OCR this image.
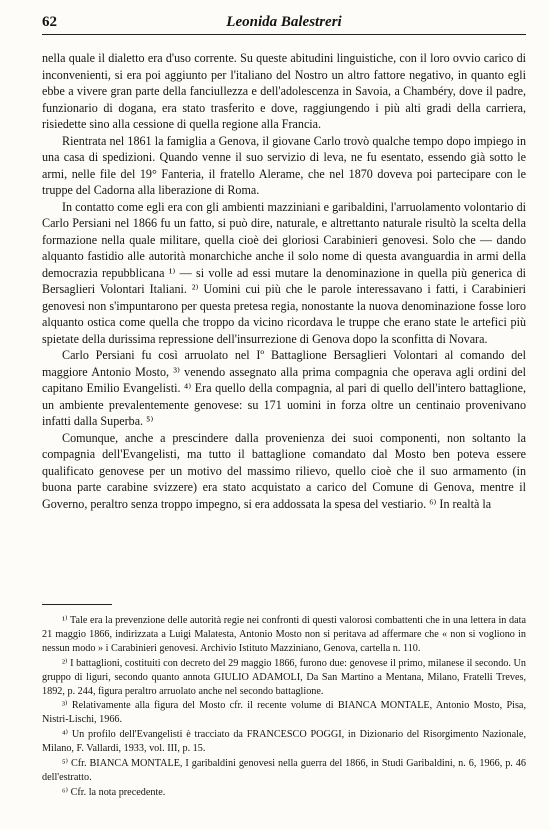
62	Leonida Balestreri

nella quale il dialetto era d'uso corrente. Su queste abitudini linguistiche, con il loro ovvio carico di inconvenienti, si era poi aggiunto per l'italiano del Nostro un altro fattore negativo, in quanto egli ebbe a vivere gran parte della fanciullezza e dell'adolescenza in Savoia, a Chambéry, dove il padre, funzionario di dogana, era stato trasferito e dove, raggiungendo i più alti gradi della carriera, risiedette sino alla cessione di quella regione alla Francia.

Rientrata nel 1861 la famiglia a Genova, il giovane Carlo trovò qualche tempo dopo impiego in una casa di spedizioni. Quando venne il suo servizio di leva, ne fu esentato, essendo già sotto le armi, nelle file del 19° Fanteria, il fratello Alerame, che nel 1870 doveva poi partecipare con le truppe del Cadorna alla liberazione di Roma.

In contatto come egli era con gli ambienti mazziniani e garibaldini, l'arruolamento volontario di Carlo Persiani nel 1866 fu un fatto, si può dire, naturale, e altrettanto naturale risultò la scelta della formazione nella quale militare, quella cioè dei gloriosi Carabinieri genovesi. Solo che — dando alquanto fastidio alle autorità monarchiche anche il solo nome di questa avanguardia in armi della democrazia repubblicana ¹⁾ — si volle ad essi mutare la denominazione in quella più generica di Bersaglieri Volontari Italiani. ²⁾ Uomini cui più che le parole interessavano i fatti, i Carabinieri genovesi non s'impuntarono per questa pretesa regia, nonostante la nuova denominazione fosse loro alquanto ostica come quella che troppo da vicino ricordava le truppe che erano state le artefici più spietate della durissima repressione dell'insurrezione di Genova dopo la sconfitta di Novara.

Carlo Persiani fu così arruolato nel Iº Battaglione Bersaglieri Volontari al comando del maggiore Antonio Mosto, ³⁾ venendo assegnato alla prima compagnia che operava agli ordini del capitano Emilio Evangelisti. ⁴⁾ Era quello della compagnia, al pari di quello dell'intero battaglione, un ambiente prevalentemente genovese: su 171 uomini in forza oltre un centinaio provenivano infatti dalla Superba. ⁵⁾

Comunque, anche a prescindere dalla provenienza dei suoi componenti, non soltanto la compagnia dell'Evangelisti, ma tutto il battaglione comandato dal Mosto ben poteva essere qualificato genovese per un motivo del massimo rilievo, quello cioè che il suo armamento (in buona parte carabine svizzere) era stato acquistato a carico del Comune di Genova, mentre il Governo, peraltro senza troppo impegno, si era addossata la spesa del vestiario. ⁶⁾ In realtà la

¹⁾ Tale era la prevenzione delle autorità regie nei confronti di questi valorosi combattenti che in una lettera in data 21 maggio 1866, indirizzata a Luigi Malatesta, Antonio Mosto non si peritava ad affermare che « non si vogliono in nessun modo » i Carabinieri genovesi. Archivio Istituto Mazziniano, Genova, cartella n. 110.

²⁾ I battaglioni, costituiti con decreto del 29 maggio 1866, furono due: genovese il primo, milanese il secondo. Un gruppo di liguri, secondo quanto annota GIULIO ADAMOLI, Da San Martino a Mentana, Milano, Fratelli Treves, 1892, p. 244, figura peraltro arruolato anche nel secondo battaglione.

³⁾ Relativamente alla figura del Mosto cfr. il recente volume di BIANCA MONTALE, Antonio Mosto, Pisa, Nistri-Lischi, 1966.

⁴⁾ Un profilo dell'Evangelisti è tracciato da FRANCESCO POGGI, in Dizionario del Risorgimento Nazionale, Milano, F. Vallardi, 1933, vol. III, p. 15.

⁵⁾ Cfr. BIANCA MONTALE, I garibaldini genovesi nella guerra del 1866, in Studi Garibaldini, n. 6, 1966, p. 46 dell'estratto.

⁶⁾ Cfr. la nota precedente.
